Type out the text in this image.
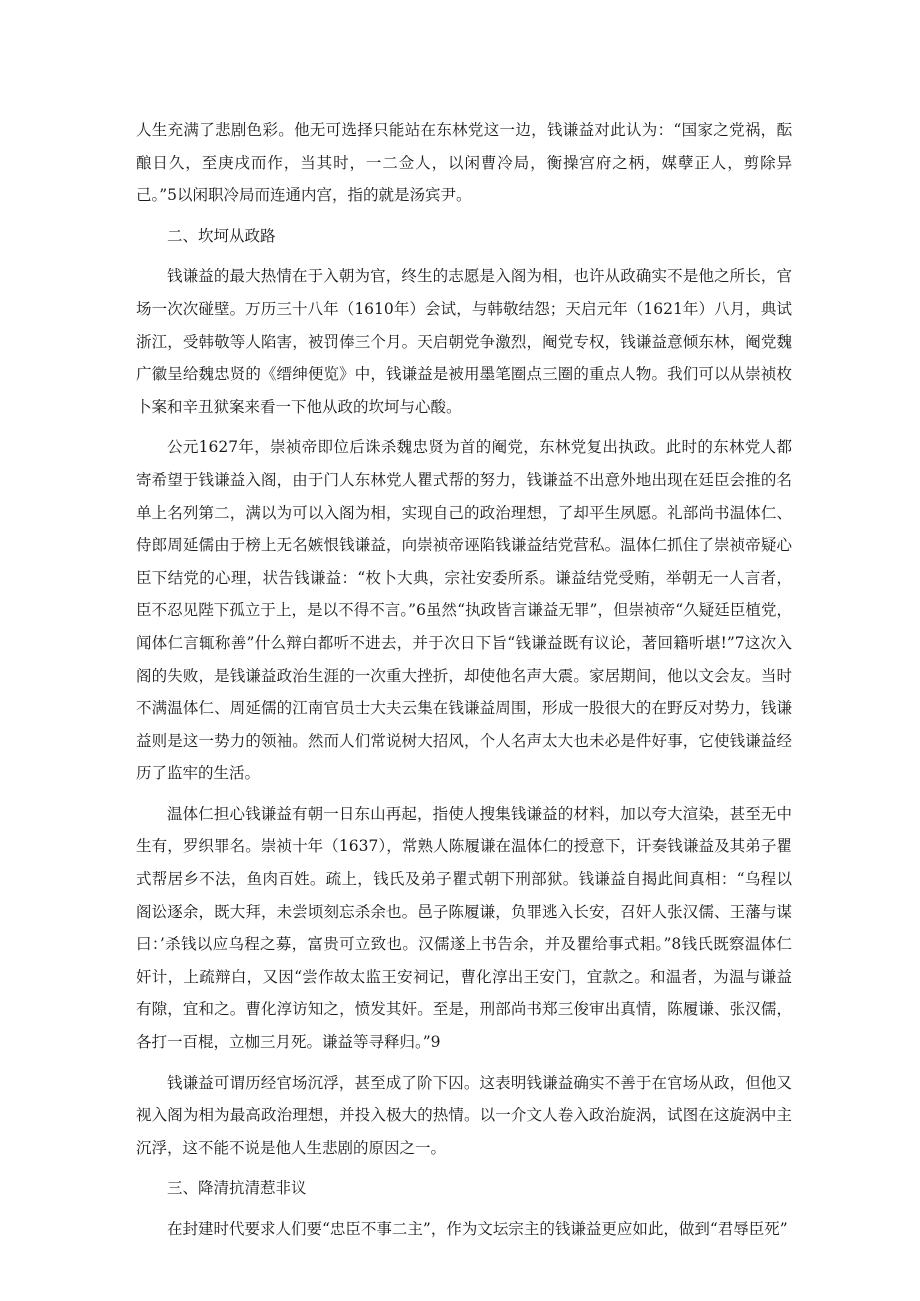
人生充满了悲剧色彩。他无可选择只能站在东林党这一边，钱谦益对此认为：“国家之党祸，酝酿日久，至庚戌而作，当其时，一二佥人，以闲曹冷局，衡操宫府之柄，媒孽正人，剪除异己。”5以闲职冷局而连通内宫，指的就是汤宾尹。

二、坎坷从政路

钱谦益的最大热情在于入朝为官，终生的志愿是入阁为相，也许从政确实不是他之所长，官场一次次碰壁。万历三十八年（1610年）会试，与韩敬结怨；天启元年（1621年）八月，典试浙江，受韩敬等人陷害，被罚俸三个月。天启朝党争激烈，阉党专权，钱谦益意倾东林，阉党魏广徽呈给魏忠贤的《缙绅便览》中，钱谦益是被用墨笔圈点三圈的重点人物。我们可以从崇祯枚卜案和辛丑狱案来看一下他从政的坎坷与心酸。

公元1627年，崇祯帝即位后诛杀魏忠贤为首的阉党，东林党复出执政。此时的东林党人都寄希望于钱谦益入阁，由于门人东林党人瞿式帮的努力，钱谦益不出意外地出现在廷臣会推的名单上名列第二，满以为可以入阁为相，实现自己的政治理想，了却平生夙愿。礼部尚书温体仁、侍郎周延儒由于榜上无名嫉恨钱谦益，向崇祯帝诬陷钱谦益结党营私。温体仁抓住了崇祯帝疑心臣下结党的心理，状告钱谦益：“枚卜大典，宗社安委所系。谦益结党受贿，举朝无一人言者，臣不忍见陛下孤立于上，是以不得不言。”6虽然“执政皆言谦益无罪”，但崇祯帝“久疑廷臣植党，闻体仁言辄称善”什么辩白都听不进去，并于次日下旨“钱谦益既有议论，著回籍听堪!”7这次入阁的失败，是钱谦益政治生涯的一次重大挫折，却使他名声大震。家居期间，他以文会友。当时不满温体仁、周延儒的江南官员士大夫云集在钱谦益周围，形成一股很大的在野反对势力，钱谦益则是这一势力的领袖。然而人们常说树大招风，个人名声太大也未必是件好事，它使钱谦益经历了监牢的生活。

温体仁担心钱谦益有朝一日东山再起，指使人搜集钱谦益的材料，加以夸大渲染，甚至无中生有，罗织罪名。崇祯十年（1637），常熟人陈履谦在温体仁的授意下，讦奏钱谦益及其弟子瞿式帮居乡不法，鱼肉百姓。疏上，钱氏及弟子瞿式朝下刑部狱。钱谦益自揭此间真相：“乌程以阁讼逐余，既大拜，未尝顷刻忘杀余也。邑子陈履谦，负罪逃入长安，召奸人张汉儒、王藩与谋曰：’杀钱以应乌程之募，富贵可立致也。汉儒遂上书告余，并及瞿给事式耜。”8钱氏既察温体仁奸计，上疏辩白，又因“尝作故太监王安祠记，曹化淳出王安门，宜款之。和温者，为温与谦益有隙，宜和之。曹化淳访知之，愤发其奸。至是，刑部尚书郑三俊审出真情，陈履谦、张汉儒，各打一百棍，立枷三月死。谦益等寻释归。”9

钱谦益可谓历经官场沉浮，甚至成了阶下囚。这表明钱谦益确实不善于在官场从政，但他又视入阁为相为最高政治理想，并投入极大的热情。以一介文人卷入政治旋涡，试图在这旋涡中主沉浮，这不能不说是他人生悲剧的原因之一。

三、降清抗清惹非议

在封建时代要求人们要“忠臣不事二主”，作为文坛宗主的钱谦益更应如此，做到“君辱臣死”
